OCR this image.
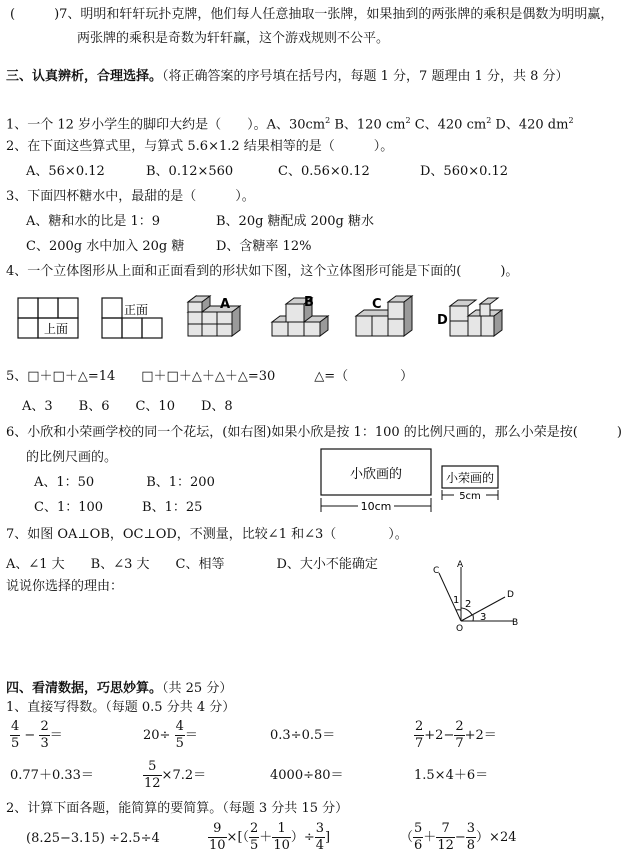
(　　　)7、明明和轩轩玩扑克牌，他们每人任意抽取一张牌，如果抽到的两张牌的乘积是偶数为明明赢，
两张牌的乘积是奇数为轩轩赢，这个游戏规则不公平。
三、认真辨析，合理选择。（将正确答案的序号填在括号内，每题 1 分，7 题理由 1 分，共 8 分）
1、一个 12 岁小学生的脚印大约是（　　）。A、$30cm^2$ B、120 $cm^2$ C、420 $cm^2$ D、420 $dm^2$
2、在下面这些算式里，与算式 5.6×1.2 结果相等的是（　　　）。
A、56×0.12	B、0.12×560	C、0.56×0.12	D、560×0.12
3、下面四杯糖水中，最甜的是（　　　）。
A、糖和水的比是 1：9	B、20g 糖配成 200g 糖水
C、200g 水中加入 20g 糖 D、含糖率 12%
4、一个立体图形从上面和正面看到的形状如下图，这个立体图形可能是下面的(　　　)。
上面
正面	A	B	C
D
5、□＋□＋△=14　　□＋□＋△＋△＋△=30　　　△=（　　　　）
A、3　　B、6　　C、10　　D、8
6、小欣和小荣画学校的同一个花坛，(如右图)如果小欣是按 1：100 的比例尺画的，那么小荣是按(　　　)
的比例尺画的。
A、1：50　　　　B、1：200
C、1：100　　　B、1：25
小欣画的
10cm
小荣画的
5cm
7、如图 OA⊥OB，OC⊥OD，不测量，比较∠1 和∠3（　　　　）。
A、∠1 大　　B、∠3 大　　C、相等　　　　D、大小不能确定
说说你选择的理由：
C
A
D
B
O
1 2
3
四、看清数据，巧思妙算。（共 25 分）
1、直接写得数。（每题 0.5 分共 4 分）
$\frac{4}{5} - \frac{2}{3}$ ＝	$20\div \frac{4}{5}$ ＝	0.3÷0.5＝	$\frac{2}{7} +2- \frac{2}{7} +2=$
0.77＋0.33＝	$\frac{5}{12} \times 7.2=$	4000÷80＝	1.5×4＋6＝
2、计算下面各题，能简算的要简算。（每题 3 分共 15 分）
(8.25−3.15) ÷2.5÷4	$\frac{9}{10}$ ×[（ $\frac{2}{5} + \frac{1}{10}$ ）÷ $\frac{3}{4}$ ]	（ $\frac{5}{6} + \frac{7}{12} - \frac{3}{8} )\times 24$
